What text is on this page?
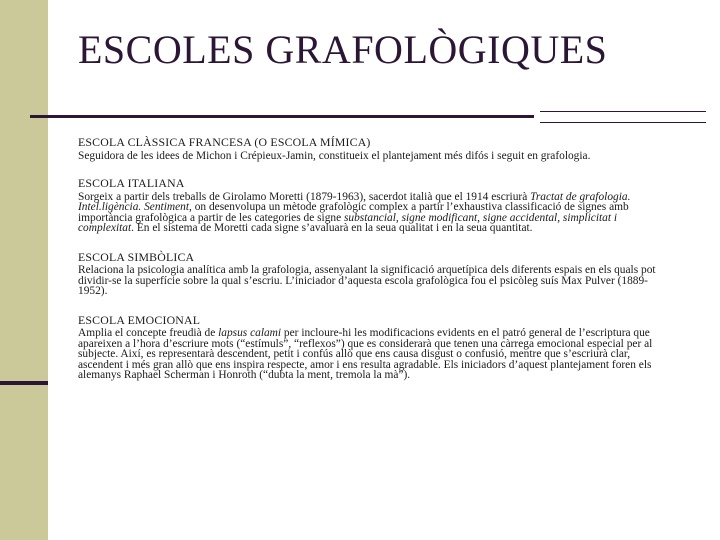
ESCOLES GRAFOLÒGIQUES
ESCOLA CLÀSSICA FRANCESA (O ESCOLA MÍMICA)
Seguidora de les idees de Michon i Crépieux-Jamin, constitueix el plantejament més difós i seguit en grafologia.
ESCOLA ITALIANA
Sorgeix a partir dels treballs de Girolamo Moretti (1879-1963), sacerdot italià que el 1914 escriurà Tractat de grafologia. Intel.ligència. Sentiment, on desenvolupa un mètode grafològic complex a partir l’exhaustiva classificació de signes amb importància grafològica a partir de les categories de signe substancial, signe modificant, signe accidental, simplicitat i complexitat. En el sistema de Moretti cada signe s’avaluarà en la seua qualitat i en la seua quantitat.
ESCOLA SIMBÒLICA
Relaciona la psicologia analítica amb la grafologia, assenyalant la significació arquetípica dels diferents espais en els quals pot dividir-se la superfície sobre la qual s’escriu. L’iniciador d’aquesta escola grafològica fou el psicòleg suís Max Pulver (1889-1952).
ESCOLA EMOCIONAL
Amplia el concepte freudià de lapsus calami per incloure-hi les modificacions evidents en el patró general de l’escriptura que apareixen a l’hora d’escriure mots (“estímuls”, “reflexos”) que es considerarà que tenen una càrrega emocional especial per al subjecte. Així, es representarà descendent, petit i confús allò que ens causa disgust o confusió, mentre que s’escriurà clar, ascendent i més gran allò que ens inspira respecte, amor i ens resulta agradable. Els iniciadors d’aquest plantejament foren els alemanys Raphael Scherman i Honroth (“dubta la ment, tremola la mà”).
